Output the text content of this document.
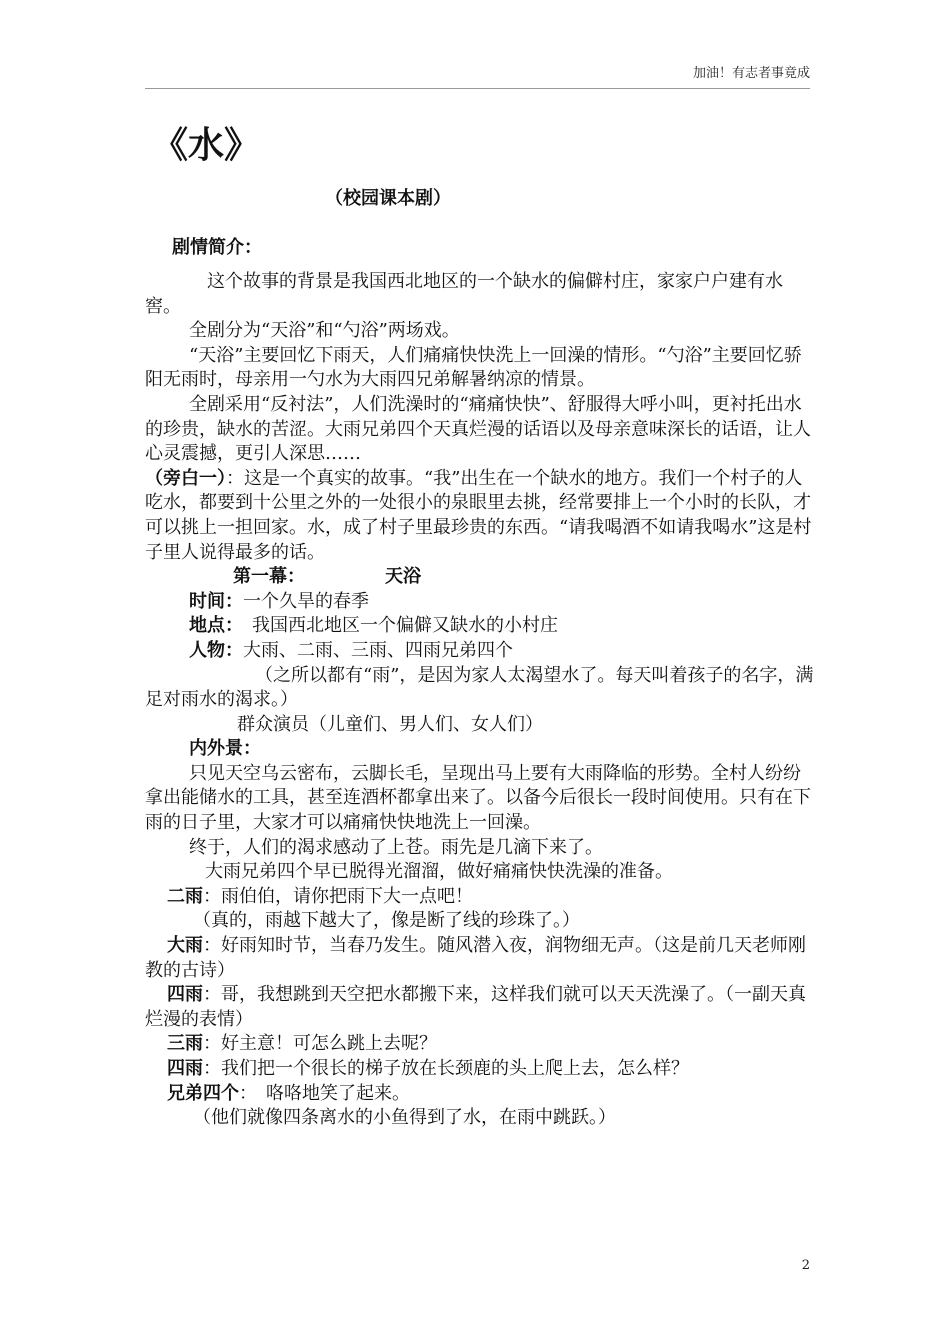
加油！有志者事竟成
《水》
（校园课本剧）
剧情简介：

这个故事的背景是我国西北地区的一个缺水的偏僻村庄，家家户户建有水窖。

全剧分为“天浴”和“勺浴”两场戏。

“天浴”主要回忆下雨天，人们痛痛快快洗上一回澡的情形。“勺浴”主要回忆骄阳无雨时，母亲用一勺水为大雨四兄弟解暑纳凉的情景。

全剧采用“反衬法”，人们洗澡时的“痛痛快快”、舒服得大呼小叫，更衬托出水的珍贵，缺水的苦涩。大雨兄弟四个天真烂漫的话语以及母亲意味深长的话语，让人心灵震撼，更引人深思……

（旁白一）：这是一个真实的故事。“我”出生在一个缺水的地方。我们一个村子的人吃水，都要到十公里之外的一处很小的泉眼里去挑，经常要排上一个小时的长队，才可以挑上一担回家。水，成了村子里最珍贵的东西。“请我喝酒不如请我喝水”这是村子里人说得最多的话。

第一幕：	天浴

时间：一个久旱的春季

地点：　 我国西北地区一个偏僻又缺水的小村庄

人物：大雨、二雨、三雨、四雨兄弟四个

（之所以都有“雨”，是因为家人太渴望水了。每天叫着孩子的名字，满足对雨水的渴求。）

群众演员（儿童们、男人们、女人们）

内外景：

只见天空乌云密布，云脚长毛，呈现出马上要有大雨降临的形势。全村人纷纷拿出能储水的工具，甚至连酒杯都拿出来了。以备今后很长一段时间使用。只有在下雨的日子里，大家才可以痛痛快快地洗上一回澡。

终于，人们的渴求感动了上苍。雨先是几滴下来了。

大雨兄弟四个早已脱得光溜溜，做好痛痛快快洗澡的准备。

二雨：雨伯伯，请你把雨下大一点吧！

（真的，雨越下越大了，像是断了线的珍珠了。）

大雨：好雨知时节，当春乃发生。随风潜入夜，润物细无声。（这是前几天老师刚教的古诗）

四雨：哥，我想跳到天空把水都搬下来，这样我们就可以天天洗澡了。（一副天真烂漫的表情）

三雨：好主意！可怎么跳上去呢？

四雨：我们把一个很长的梯子放在长颈鹿的头上爬上去，怎么样？

兄弟四个：　咯咯地笑了起来。

（他们就像四条离水的小鱼得到了水，在雨中跳跃。）

2
